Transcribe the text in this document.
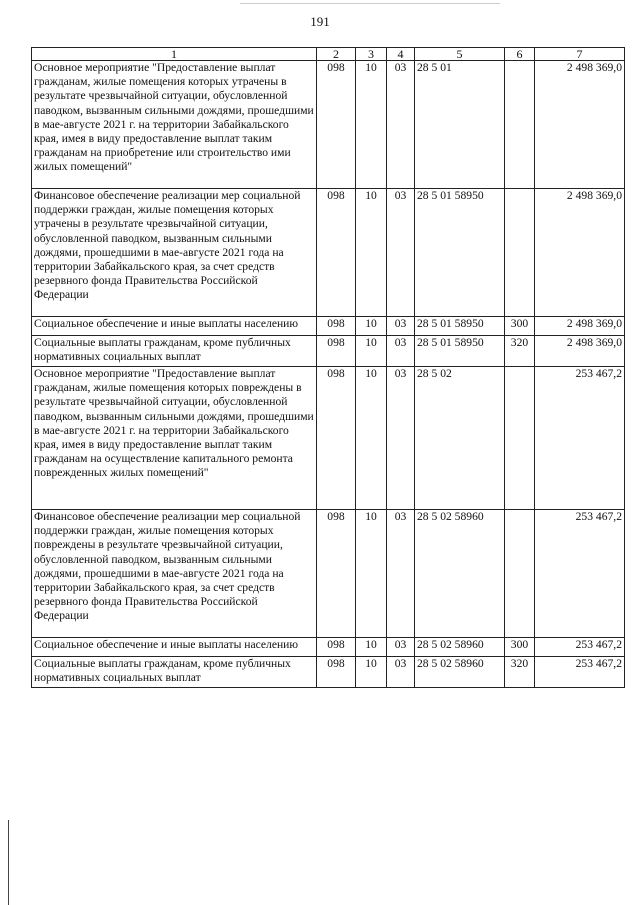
191
1	2	3	4	5	6	7
Основное мероприятие "Предоставление выплат гражданам, жилые помещения которых утрачены в результате чрезвычайной ситуации, обусловленной паводком, вызванным сильными дождями, прошедшими в мае-августе 2021 г. на территории Забайкальского края, имея в виду предоставление выплат таким гражданам на приобретение или строительство ими жилых помещений"	098	10	03	28 5 01		2 498 369,0
Финансовое обеспечение реализации мер социальной поддержки граждан, жилые помещения которых утрачены в результате чрезвычайной ситуации, обусловленной паводком, вызванным сильными дождями, прошедшими в мае-августе 2021 года на территории Забайкальского края, за счет средств резервного фонда Правительства Российской Федерации	098	10	03	28 5 01 58950		2 498 369,0
Социальное обеспечение и иные выплаты населению	098	10	03	28 5 01 58950	300	2 498 369,0
Социальные выплаты гражданам, кроме публичных нормативных социальных выплат	098	10	03	28 5 01 58950	320	2 498 369,0
Основное мероприятие "Предоставление выплат гражданам, жилые помещения которых повреждены в результате чрезвычайной ситуации, обусловленной паводком, вызванным сильными дождями, прошедшими в мае-августе 2021 г. на территории Забайкальского края, имея в виду предоставление выплат таким гражданам на осуществление капитального ремонта поврежденных жилых помещений"	098	10	03	28 5 02		253 467,2
Финансовое обеспечение реализации мер социальной поддержки граждан, жилые помещения которых повреждены в результате чрезвычайной ситуации, обусловленной паводком, вызванным сильными дождями, прошедшими в мае-августе 2021 года на территории Забайкальского края, за счет средств резервного фонда Правительства Российской Федерации	098	10	03	28 5 02 58960		253 467,2
Социальное обеспечение и иные выплаты населению	098	10	03	28 5 02 58960	300	253 467,2
Социальные выплаты гражданам, кроме публичных нормативных социальных выплат	098	10	03	28 5 02 58960	320	253 467,2
